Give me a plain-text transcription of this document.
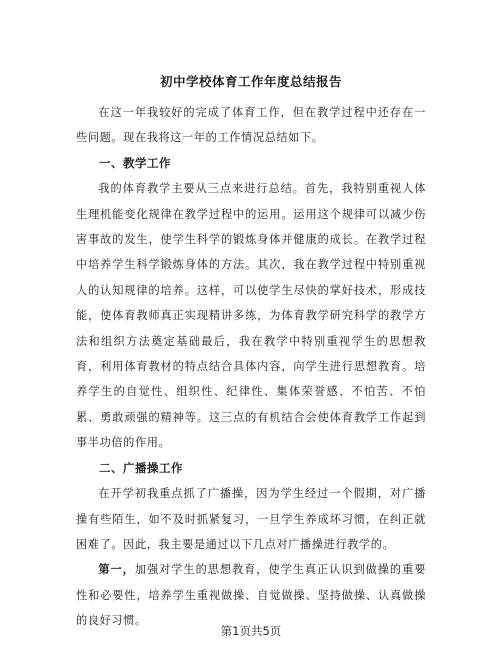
初中学校体育工作年度总结报告

在这一年我较好的完成了体育工作，但在教学过程中还存在一些问题。现在我将这一年的工作情况总结如下。

一、教学工作

我的体育教学主要从三点来进行总结。首先，我特别重视人体生理机能变化规律在教学过程中的运用。运用这个规律可以减少伤害事故的发生，使学生科学的锻炼身体并健康的成长。在教学过程中培养学生科学锻炼身体的方法。其次，我在教学过程中特别重视人的认知规律的培养。这样，可以使学生尽快的掌好技术，形成技能，使体育教师真正实现精讲多练，为体育教学研究科学的教学方法和组织方法奠定基础最后，我在教学中特别重视学生的思想教育，利用体育教材的特点结合具体内容，向学生进行思想教育。培养学生的自觉性、组织性、纪律性、集体荣誉感、不怕苦、不怕累、勇敢顽强的精神等。这三点的有机结合会使体育教学工作起到事半功倍的作用。

二、广播操工作

在开学初我重点抓了广播操，因为学生经过一个假期，对广播操有些陌生，如不及时抓紧复习，一旦学生养成坏习惯，在纠正就困难了。因此，我主要是通过以下几点对广播操进行教学的。

第一，加强对学生的思想教育，使学生真正认识到做操的重要性和必要性，培养学生重视做操、自觉做操、坚持做操、认真做操的良好习惯。

第1页共5页
